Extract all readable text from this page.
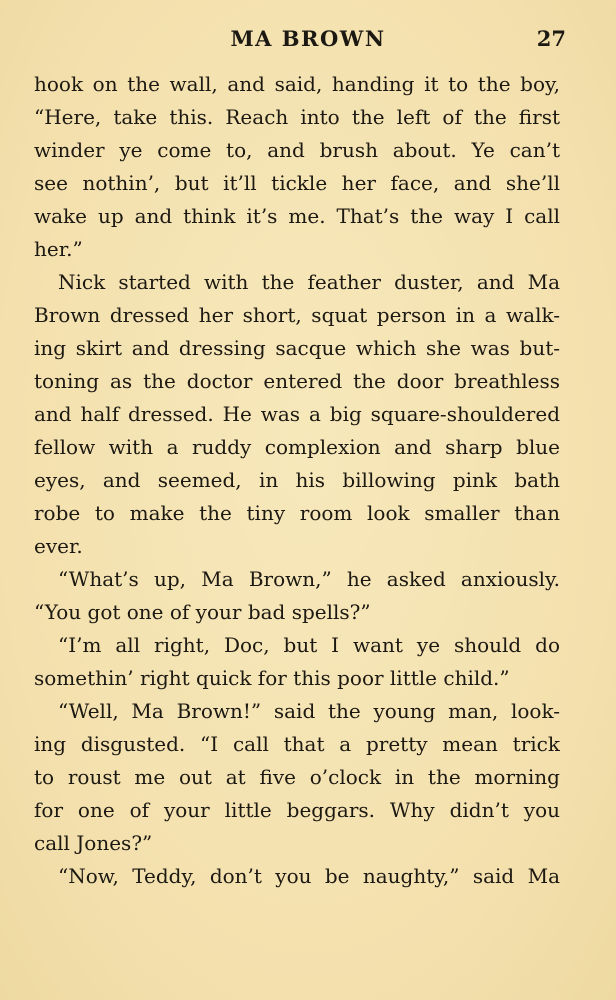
MA BROWN	27
hook on the wall, and said, handing it to the boy,
“Here, take this. Reach into the left of the first
winder ye come to, and brush about. Ye can’t
see nothin’, but it’ll tickle her face, and she’ll
wake up and think it’s me. That’s the way I call
her.”
Nick started with the feather duster, and Ma
Brown dressed her short, squat person in a walk-
ing skirt and dressing sacque which she was but-
toning as the doctor entered the door breathless
and half dressed. He was a big square-shouldered
fellow with a ruddy complexion and sharp blue
eyes, and seemed, in his billowing pink bath
robe to make the tiny room look smaller than
ever.
“What’s up, Ma Brown,” he asked anxiously.
“You got one of your bad spells?”
“I’m all right, Doc, but I want ye should do
somethin’ right quick for this poor little child.”
“Well, Ma Brown!” said the young man, look-
ing disgusted. “I call that a pretty mean trick
to roust me out at five o’clock in the morning
for one of your little beggars. Why didn’t you
call Jones?”
“Now, Teddy, don’t you be naughty,” said Ma
